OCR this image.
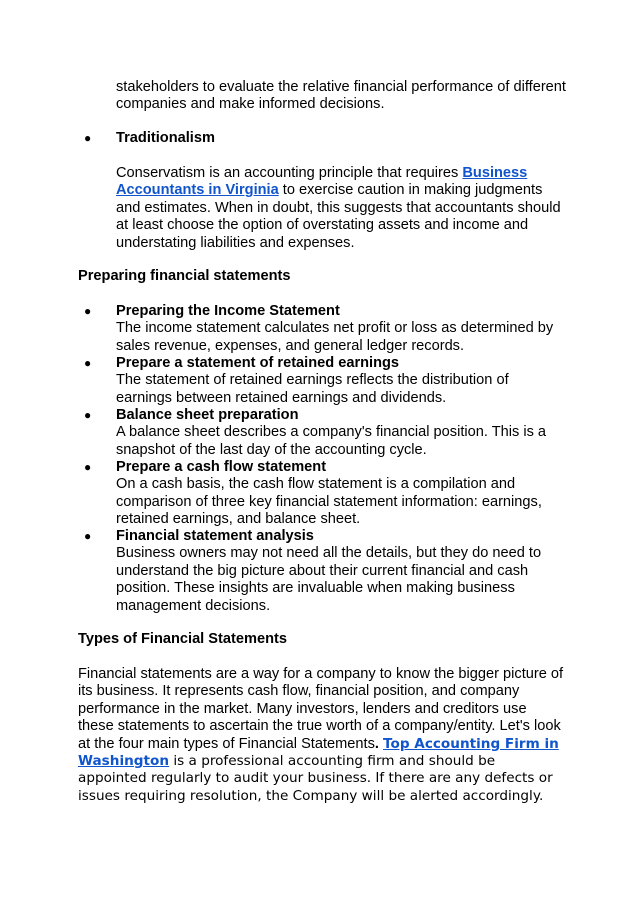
stakeholders to evaluate the relative financial performance of different companies and make informed decisions.

● Traditionalism

Conservatism is an accounting principle that requires Business Accountants in Virginia to exercise caution in making judgments and estimates. When in doubt, this suggests that accountants should at least choose the option of overstating assets and income and understating liabilities and expenses.

Preparing financial statements

● Preparing the Income Statement

The income statement calculates net profit or loss as determined by sales revenue, expenses, and general ledger records.

● Prepare a statement of retained earnings

The statement of retained earnings reflects the distribution of earnings between retained earnings and dividends.

● Balance sheet preparation

A balance sheet describes a company's financial position. This is a snapshot of the last day of the accounting cycle.

● Prepare a cash flow statement

On a cash basis, the cash flow statement is a compilation and comparison of three key financial statement information: earnings, retained earnings, and balance sheet.

● Financial statement analysis

Business owners may not need all the details, but they do need to understand the big picture about their current financial and cash position. These insights are invaluable when making business management decisions.

Types of Financial Statements

Financial statements are a way for a company to know the bigger picture of its business. It represents cash flow, financial position, and company performance in the market. Many investors, lenders and creditors use these statements to ascertain the true worth of a company/entity. Let's look at the four main types of Financial Statements. Top Accounting Firm in Washington is a professional accounting firm and should be appointed regularly to audit your business. If there are any defects or issues requiring resolution, the Company will be alerted accordingly.
